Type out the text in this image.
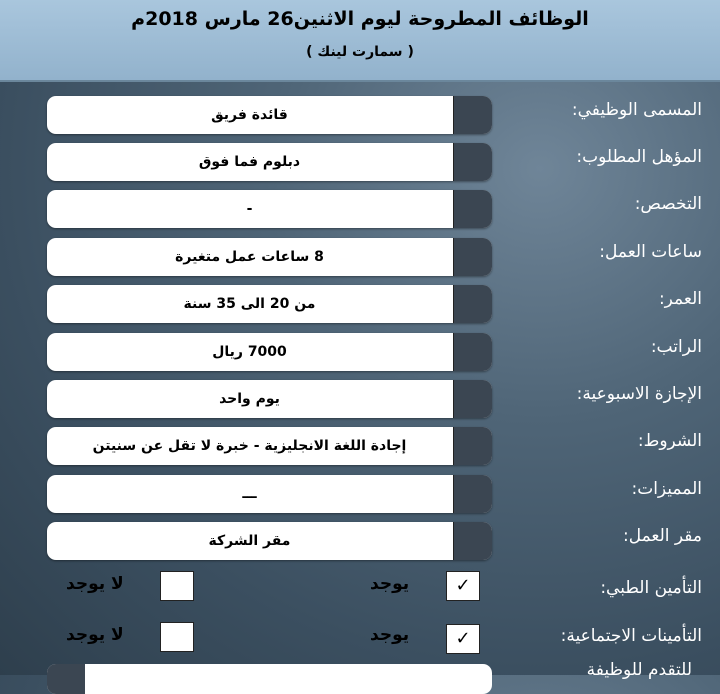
الوظائف المطروحة ليوم الاثنين26 مارس 2018م
( سمارت لينك )
قائدة فريق	المسمى الوظيفي:
دبلوم فما فوق	المؤهل المطلوب:
-	التخصص:
8 ساعات عمل متغيرة	ساعات العمل:
من 20 الى 35 سنة	العمر:
7000 ريال	الراتب:
يوم واحد	الإجازة الاسبوعية:
إجادة اللغة الانجليزية - خبرة لا تقل عن سنيتن	الشروط:
ـــ	المميزات:
مقر الشركة	مقر العمل:
لا يوجد	يوجد	✓	التأمين الطبي:
لا يوجد	يوجد	✓	التأمينات الاجتماعية:
للتقدم للوظيفة
